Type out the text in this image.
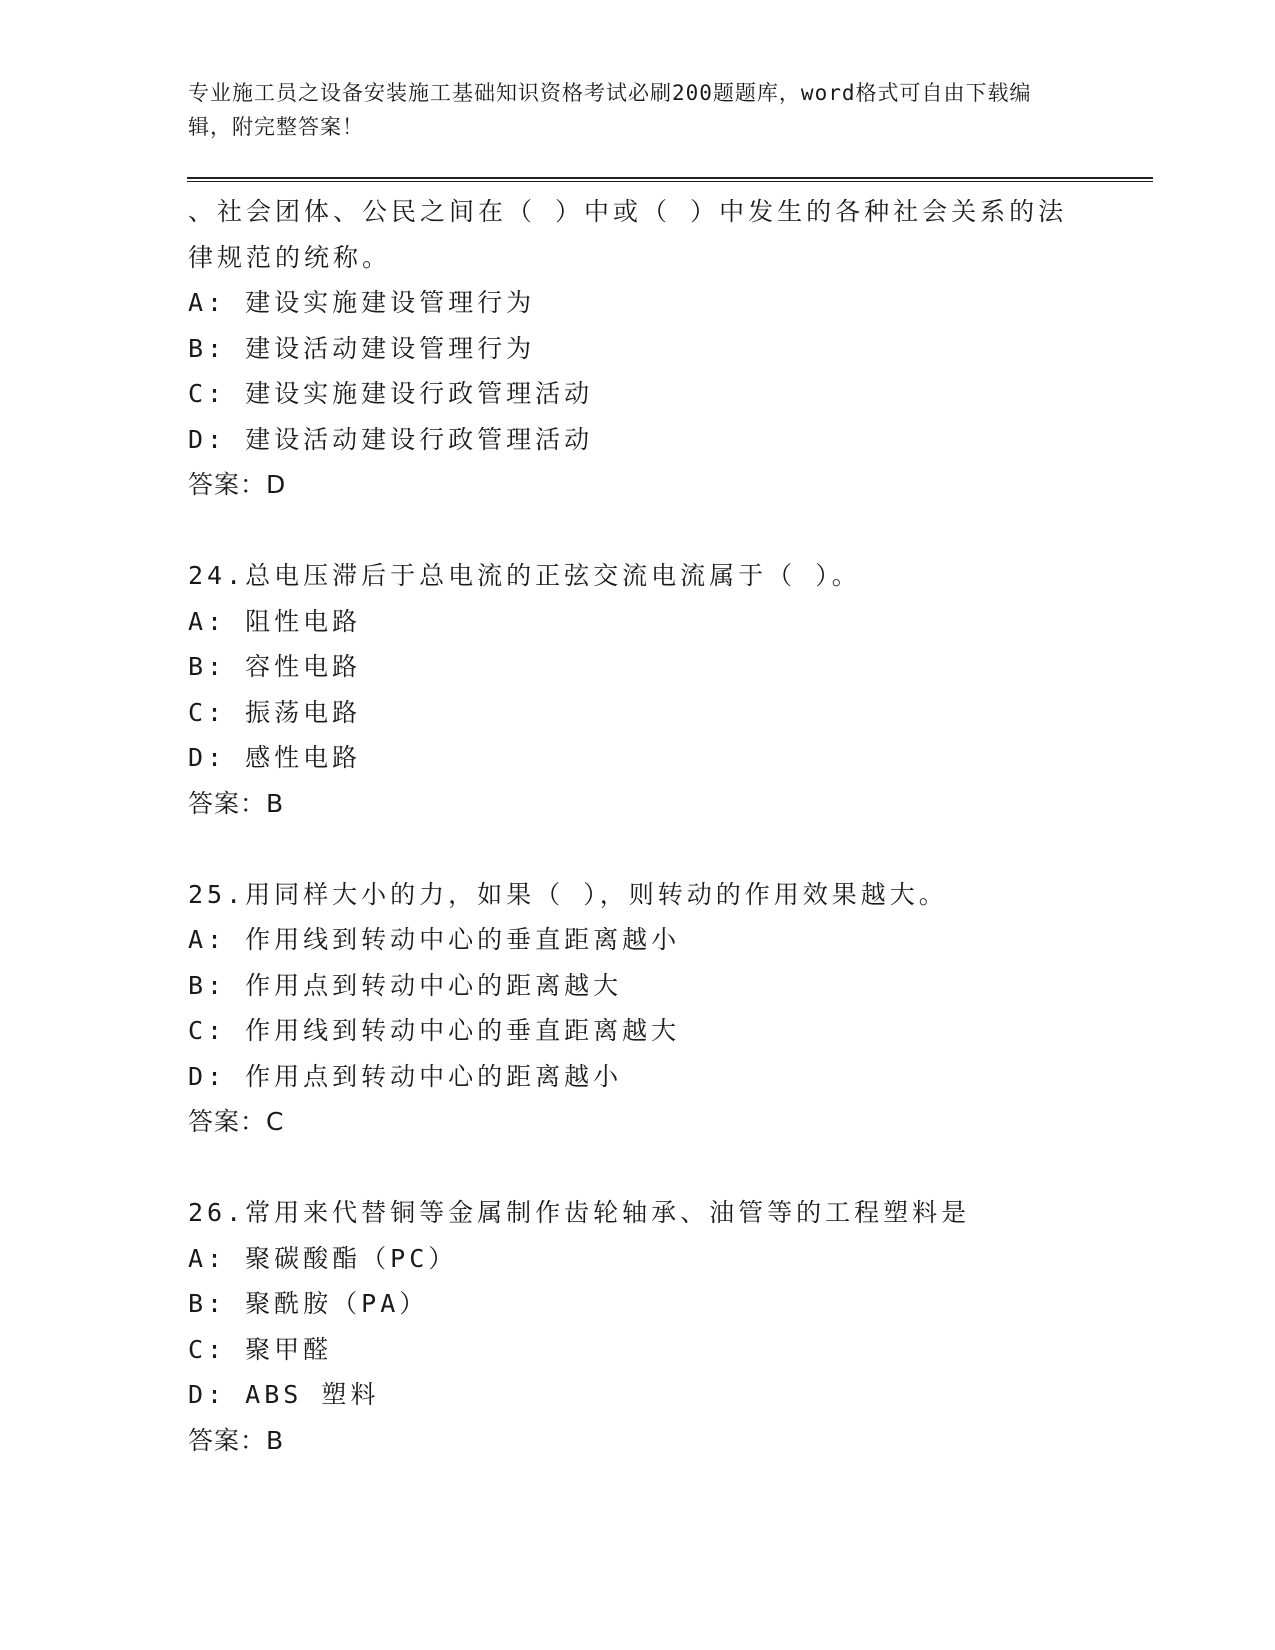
专业施工员之设备安装施工基础知识资格考试必刷200题题库，word格式可自由下载编辑，附完整答案！
、社会团体、公民之间在（ ）中或（ ）中发生的各种社会关系的法
律规范的统称。
A: 建设实施建设管理行为
B: 建设活动建设管理行为
C: 建设实施建设行政管理活动
D: 建设活动建设行政管理活动
答案：D
24.总电压滞后于总电流的正弦交流电流属于（ ）。
A: 阻性电路
B: 容性电路
C: 振荡电路
D: 感性电路
答案：B
25.用同样大小的力，如果（ ），则转动的作用效果越大。
A: 作用线到转动中心的垂直距离越小
B: 作用点到转动中心的距离越大
C: 作用线到转动中心的垂直距离越大
D: 作用点到转动中心的距离越小
答案：C
26.常用来代替铜等金属制作齿轮轴承、油管等的工程塑料是
A: 聚碳酸酯（PC）
B: 聚酰胺（PA）
C: 聚甲醛
D: ABS 塑料
答案：B
